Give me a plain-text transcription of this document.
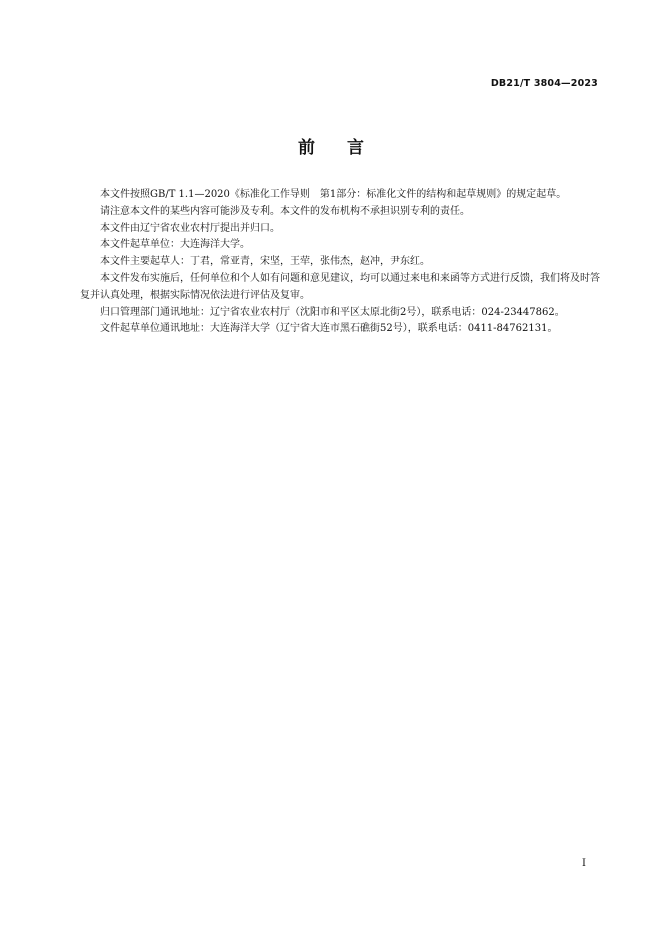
DB21/T 3804—2023
前言

本文件按照GB/T 1.1—2020《标准化工作导则　第1部分：标准化文件的结构和起草规则》的规定起草。

请注意本文件的某些内容可能涉及专利。本文件的发布机构不承担识别专利的责任。

本文件由辽宁省农业农村厅提出并归口。

本文件起草单位：大连海洋大学。

本文件主要起草人：丁君，常亚青，宋坚，王荦，张伟杰，赵冲，尹东红。

本文件发布实施后，任何单位和个人如有问题和意见建议，均可以通过来电和来函等方式进行反馈，我们将及时答复并认真处理，根据实际情况依法进行评估及复审。

归口管理部门通讯地址：辽宁省农业农村厅（沈阳市和平区太原北街2号），联系电话：024-23447862。

文件起草单位通讯地址：大连海洋大学（辽宁省大连市黑石礁街52号），联系电话：0411-84762131。

I
